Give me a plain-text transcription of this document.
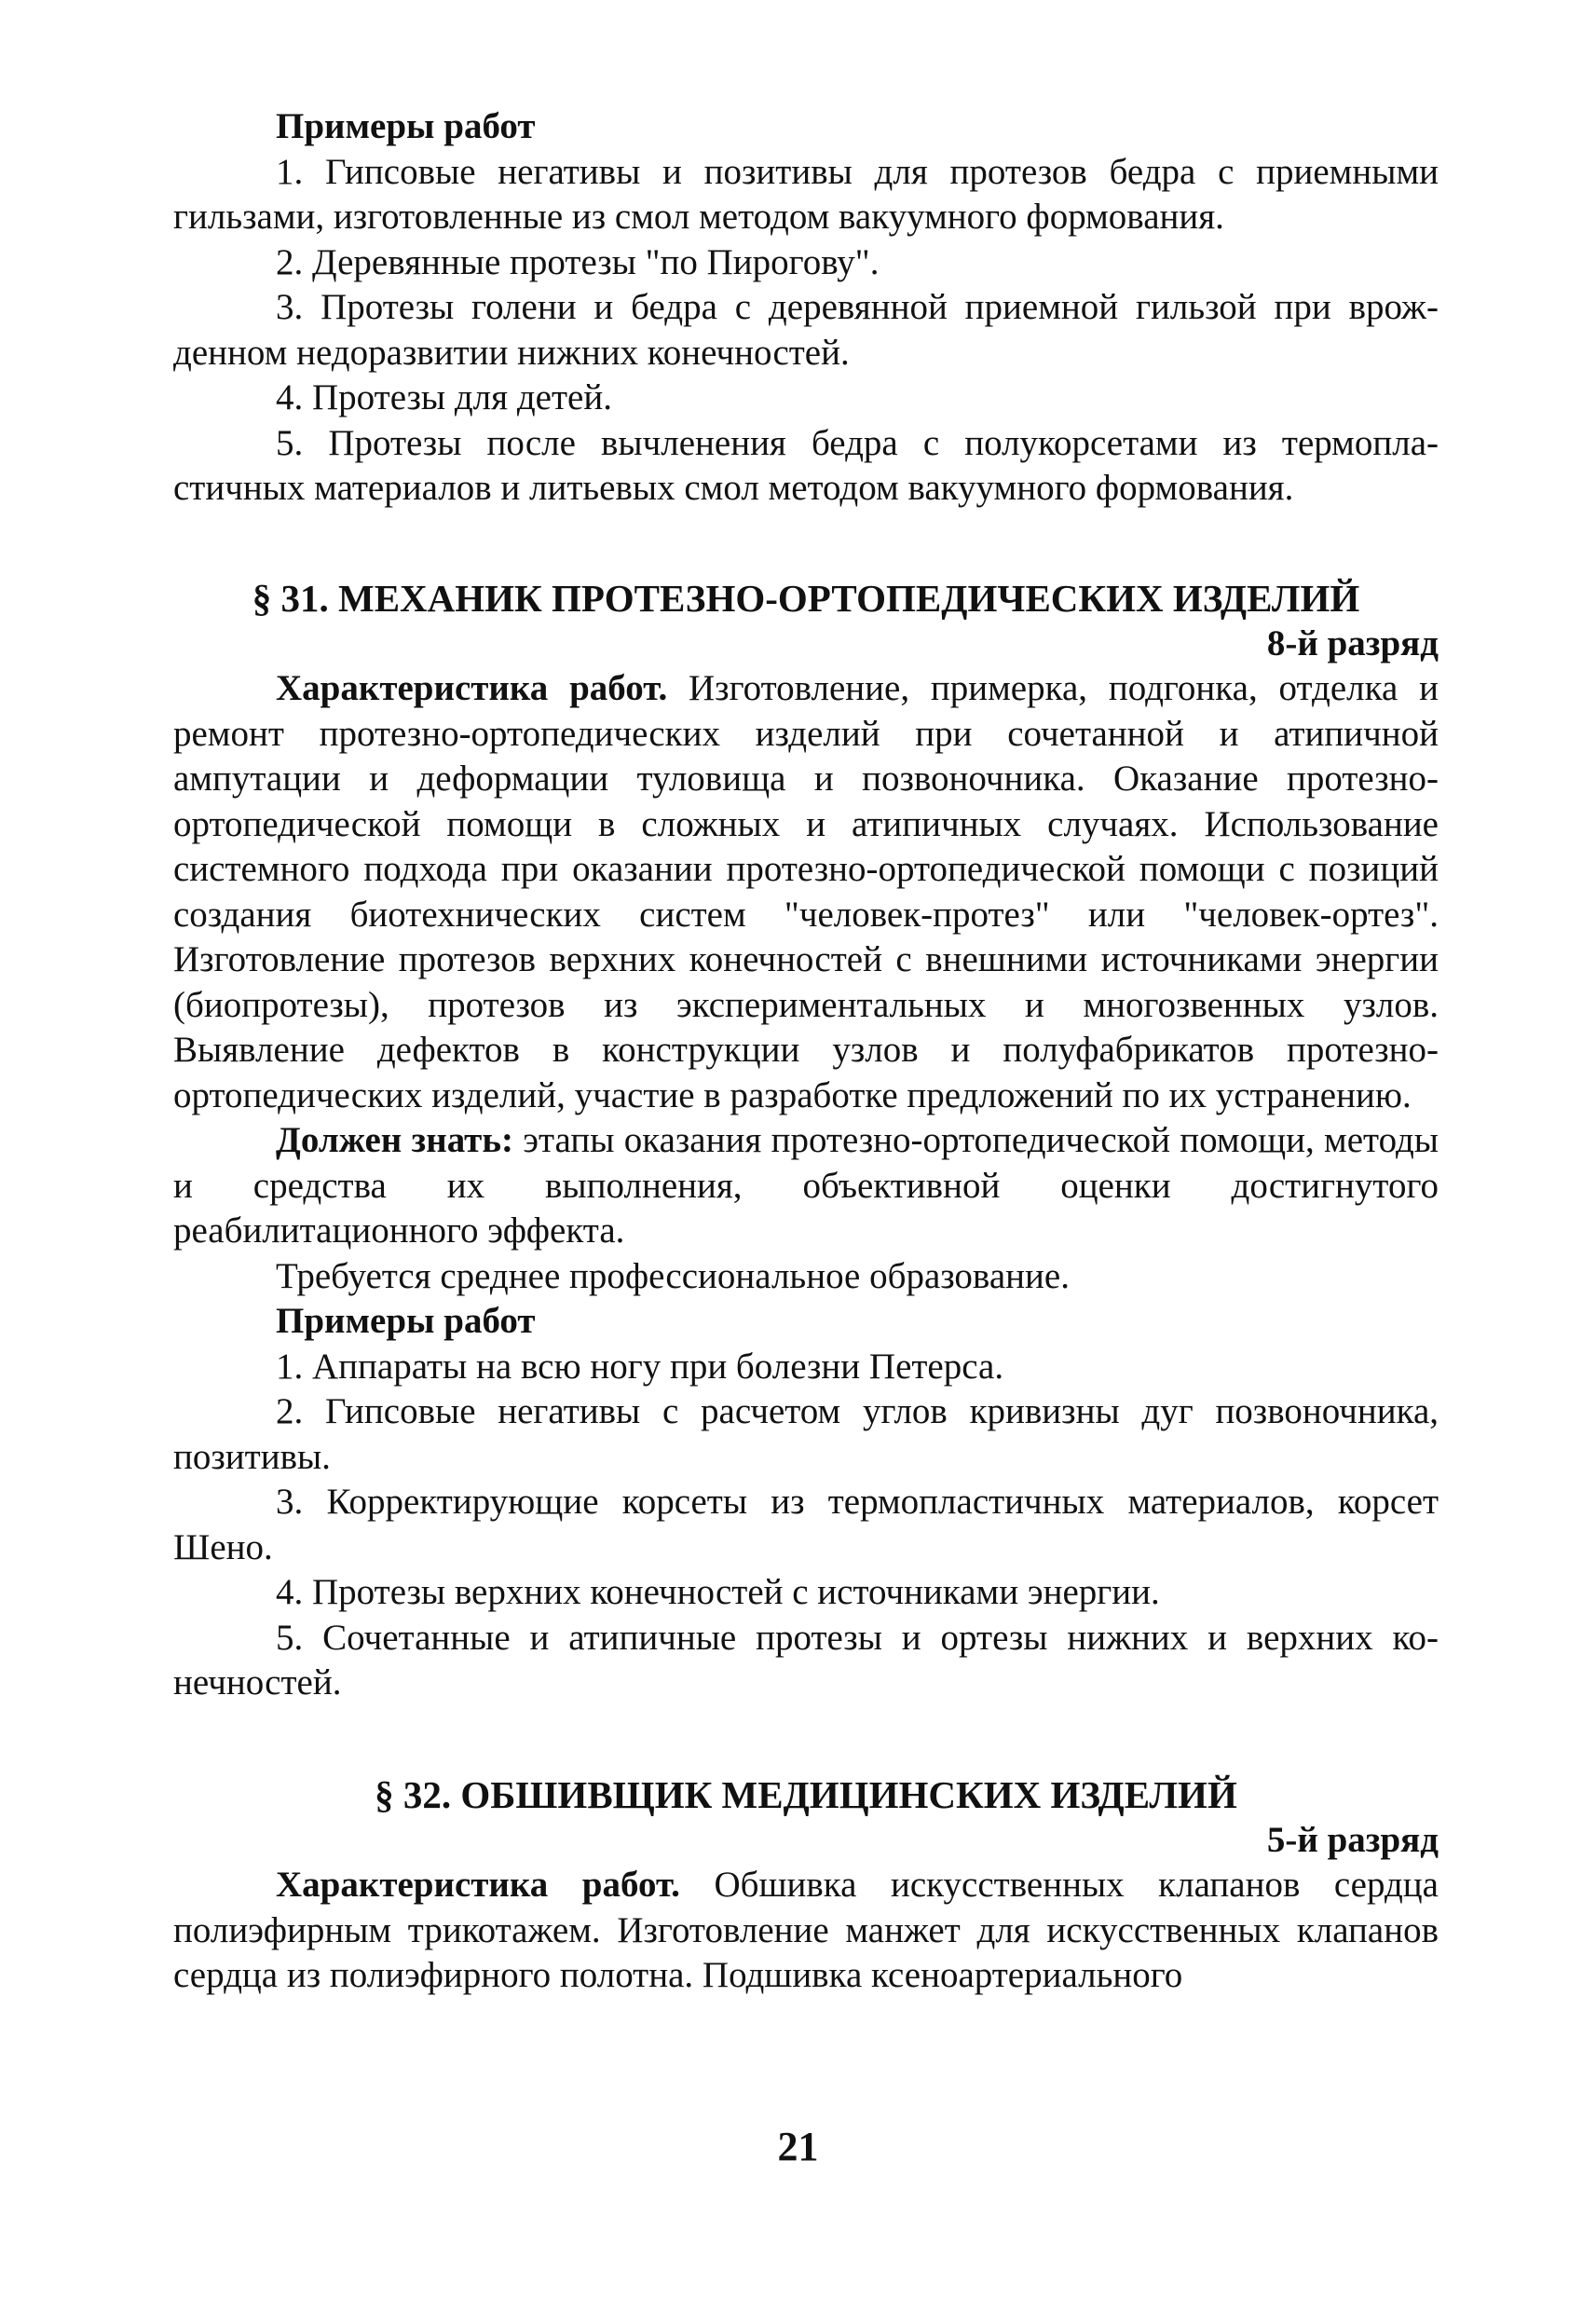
Примеры работ

1. Гипсовые негативы и позитивы для протезов бедра с приемными

гильзами, изготовленные из смол методом вакуумного формования.

2. Деревянные протезы "по Пирогову".

3. Протезы голени и бедра с деревянной приемной гильзой при врож-

денном недоразвитии нижних конечностей.

4. Протезы для детей.

5. Протезы после вычленения бедра с полукорсетами из термопла-

стичных материалов и литьевых смол методом вакуумного формования.

§ 31. МЕХАНИК ПРОТЕЗНО-ОРТОПЕДИЧЕСКИХ ИЗДЕЛИЙ

8-й разряд

Характеристика работ. Изготовление, примерка, подгонка, отделка и ремонт протезно-ортопедических изделий при сочетанной и атипичной ампутации и деформации туловища и позвоночника. Оказание протезно-ортопедической помощи в сложных и атипичных случаях. Использование системного подхода при оказании протезно-ортопедической помощи с позиций создания биотехнических систем "человек-протез" или "человек-ортез". Изготовление протезов верхних конечностей с внешними источниками энергии (биопротезы), протезов из экспериментальных и многозвенных узлов. Выявление дефектов в конструкции узлов и полуфабрикатов протезно-ортопедических изделий, участие в разработке предложений по их устранению.

Должен знать: этапы оказания протезно-ортопедической помощи, методы и средства их выполнения, объективной оценки достигнутого реабилитационного эффекта.

Требуется среднее профессиональное образование.

Примеры работ

1. Аппараты на всю ногу при болезни Петерса.

2. Гипсовые негативы с расчетом углов кривизны дуг позвоночника,

позитивы.

3. Корректирующие корсеты из термопластичных материалов, корсет

Шено.

4. Протезы верхних конечностей с источниками энергии.

5. Сочетанные и атипичные протезы и ортезы нижних и верхних ко-

нечностей.

§ 32. ОБШИВЩИК МЕДИЦИНСКИХ ИЗДЕЛИЙ

5-й разряд

Характеристика работ. Обшивка искусственных клапанов сердца полиэфирным трикотажем. Изготовление манжет для искусственных клапанов сердца из полиэфирного полотна. Подшивка ксеноартериального

21
